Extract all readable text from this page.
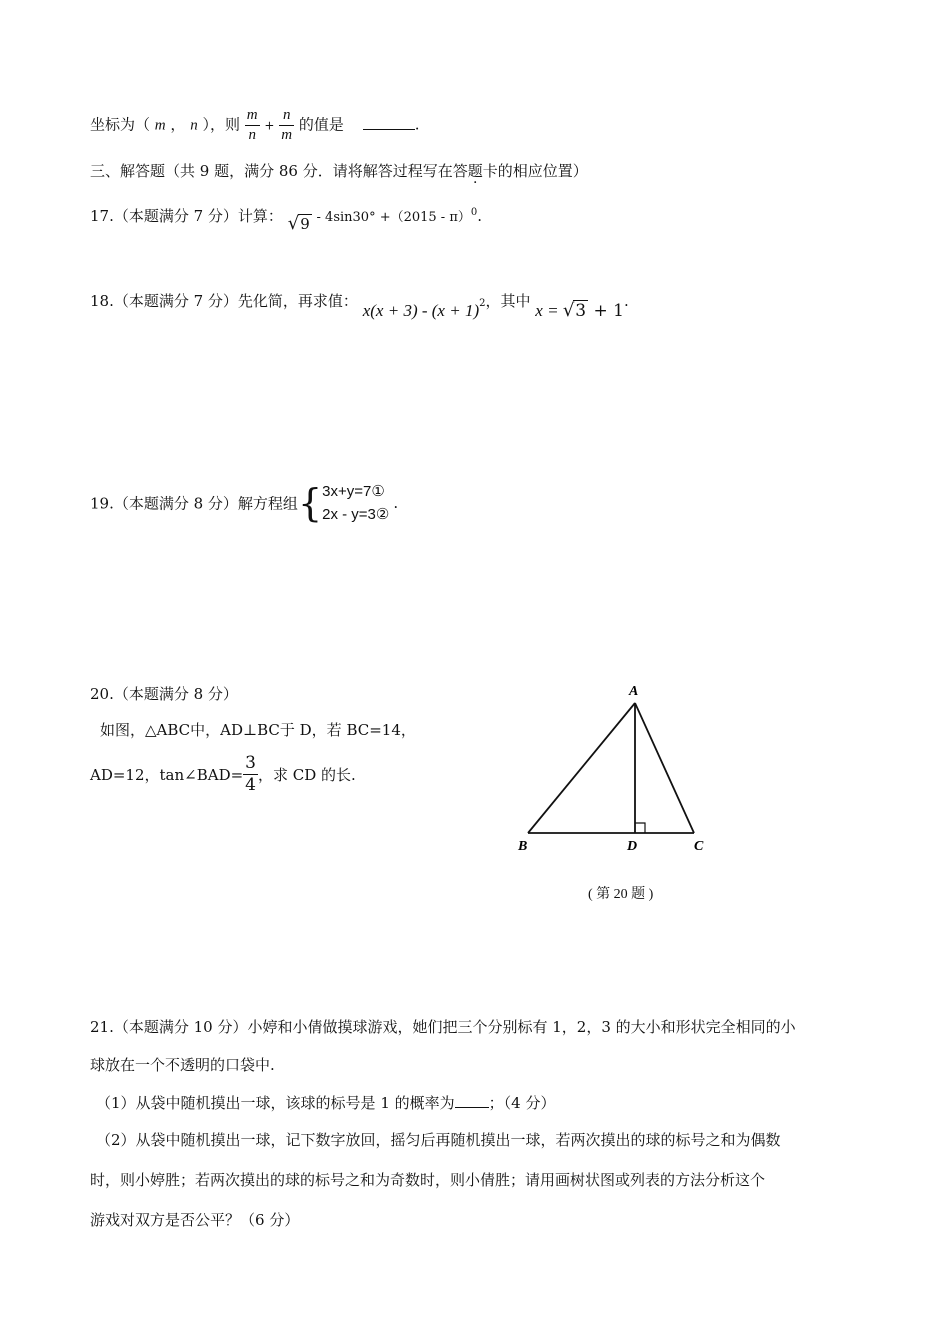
坐标为（ m ， n ），则 $\frac{m}{n} + \frac{n}{m}$ 的值是	.
三、解答题（共 9 题，满分 86 分．请将解答过程写在答题卡的相应位置）
17.（本题满分 7 分）计算： √9 - 4sin30° +（2015 - π）$^0$.
18.（本题满分 7 分）先化简，再求值： $x(x + 3) - (x + 1)^2$，其中 x = √3 + 1.
19.（本题满分 8 分）解方程组{ 3x+y=7①
2x - y=3②
.
20.（本题满分 8 分）
如图，△ABC中，AD⊥BC于 D，若 BC=14，
AD=12，tan∠BAD= $\frac{3}{4}$ ，求 CD 的长.
A
B	D	C
( 第 20 题 )
21.（本题满分 10 分）小婷和小倩做摸球游戏，她们把三个分别标有 1，2，3 的大小和形状完全相同的小
球放在一个不透明的口袋中.
（1）从袋中随机摸出一球，该球的标号是 1 的概率为 ；（4 分）
（2）从袋中随机摸出一球，记下数字放回，摇匀后再随机摸出一球，若两次摸出的球的标号之和为偶数
时，则小婷胜；若两次摸出的球的标号之和为奇数时，则小倩胜；请用画树状图或列表的方法分析这个
游戏对双方是否公平？（6 分）
